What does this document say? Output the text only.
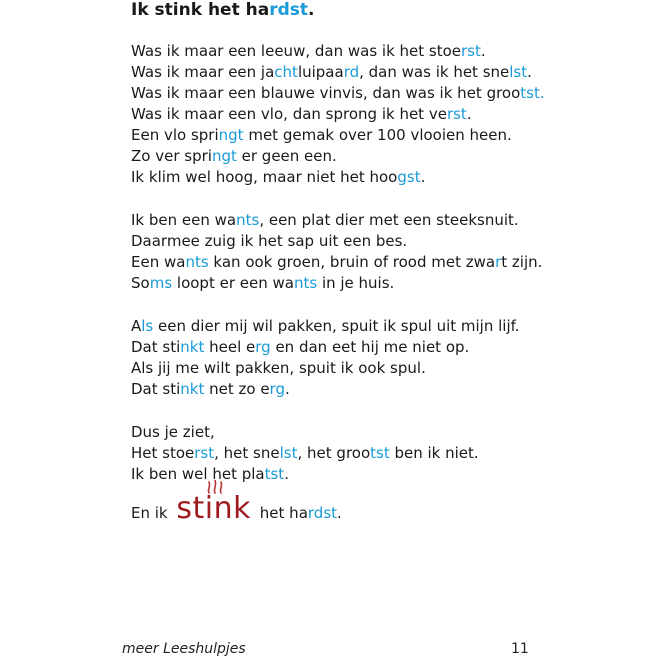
Ik stink het hardst.
Was ik maar een leeuw, dan was ik het stoerst.
Was ik maar een jachtluipaard, dan was ik het snelst.
Was ik maar een blauwe vinvis, dan was ik het grootst.
Was ik maar een vlo, dan sprong ik het verst.
Een vlo springt met gemak over 100 vlooien heen.
Zo ver springt er geen een.
Ik klim wel hoog, maar niet het hoogst.
Ik ben een wants, een plat dier met een steeksnuit.
Daarmee zuig ik het sap uit een bes.
Een wants kan ook groen, bruin of rood met zwart zijn.
Soms loopt er een wants in je huis.
Als een dier mij wil pakken, spuit ik spul uit mijn lijf.
Dat stinkt heel erg en dan eet hij me niet op.
Als jij me wilt pakken, spuit ik ook spul.
Dat stinkt net zo erg.
Dus je ziet,
Het stoerst, het snelst, het grootst ben ik niet.
Ik ben wel het platst.
En ik stink het hardst.
meer Leeshulpjes	11
